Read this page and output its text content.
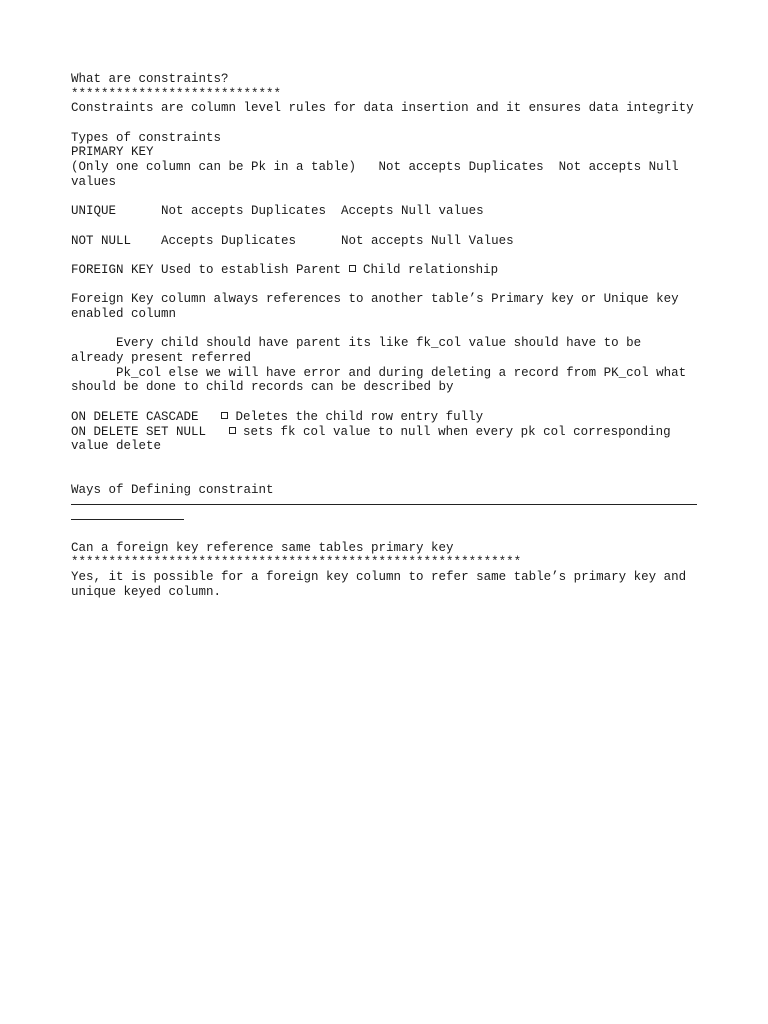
What are constraints?
****************************
Constraints are column level rules for data insertion and it ensures data integrity
Types of constraints
PRIMARY KEY
(Only one column can be Pk in a table)   Not accepts Duplicates  Not accepts Null
values
UNIQUE      Not accepts Duplicates  Accepts Null values
NOT NULL    Accepts Duplicates      Not accepts Null Values
FOREIGN KEY Used to establish Parent  Child relationship
Foreign Key column always references to another table’s Primary key or Unique key
enabled column
Every child should have parent its like fk_col value should have to be
already present referred
Pk_col else we will have error and during deleting a record from PK_col what
should be done to child records can be described by
ON DELETE CASCADE    Deletes the child row entry fully
ON DELETE SET NULL    sets fk col value to null when every pk col corresponding
value delete
Ways of Defining constraint
Can a foreign key reference same tables primary key
************************************************************
Yes, it is possible for a foreign key column to refer same table’s primary key and
unique keyed column.
